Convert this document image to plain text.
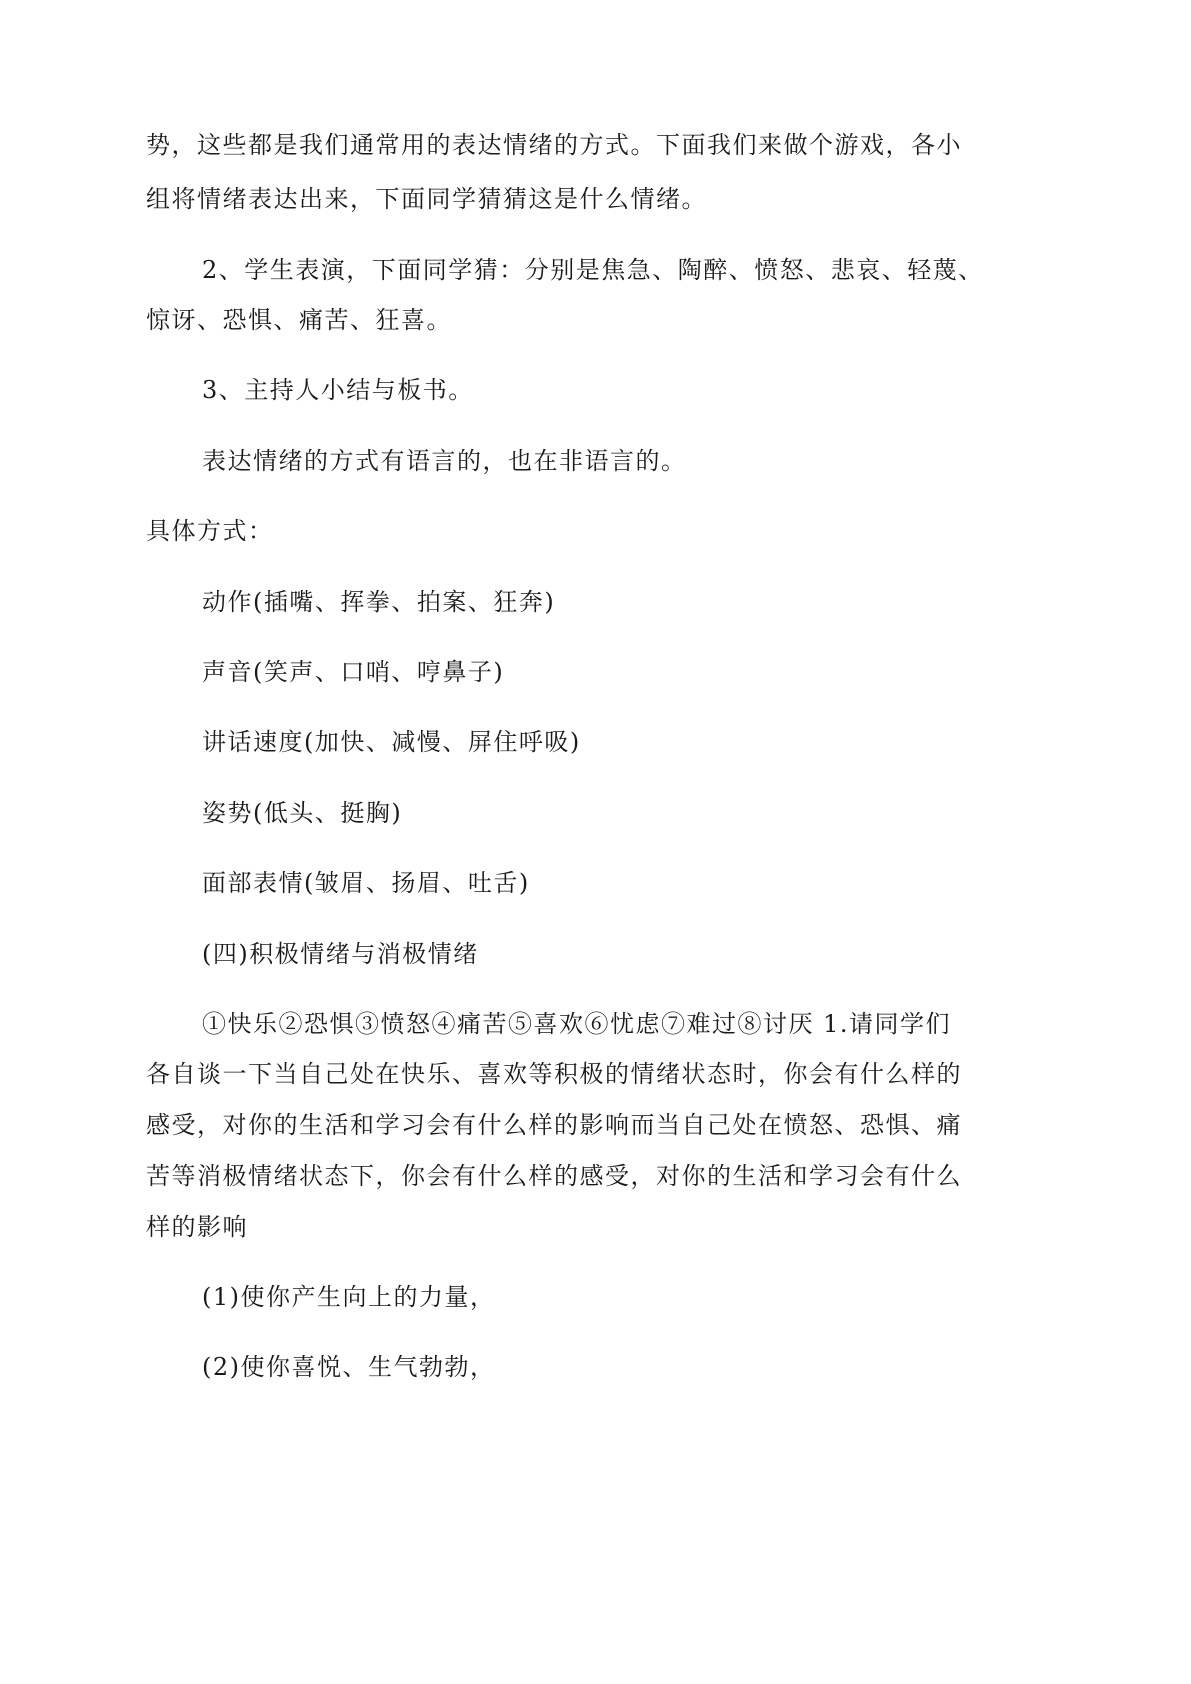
势，这些都是我们通常用的表达情绪的方式。下面我们来做个游戏，各小
组将情绪表达出来，下面同学猜猜这是什么情绪。
2、学生表演，下面同学猜：分别是焦急、陶醉、愤怒、悲哀、轻蔑、
惊讶、恐惧、痛苦、狂喜。
3、主持人小结与板书。
表达情绪的方式有语言的，也在非语言的。
具体方式：
动作(插嘴、挥拳、拍案、狂奔)
声音(笑声、口哨、哼鼻子)
讲话速度(加快、减慢、屏住呼吸)
姿势(低头、挺胸)
面部表情(皱眉、扬眉、吐舌)
(四)积极情绪与消极情绪
①快乐②恐惧③愤怒④痛苦⑤喜欢⑥忧虑⑦难过⑧讨厌 1.请同学们
各自谈一下当自己处在快乐、喜欢等积极的情绪状态时，你会有什么样的
感受，对你的生活和学习会有什么样的影响而当自己处在愤怒、恐惧、痛
苦等消极情绪状态下，你会有什么样的感受，对你的生活和学习会有什么
样的影响
(1)使你产生向上的力量，
(2)使你喜悦、生气勃勃，
